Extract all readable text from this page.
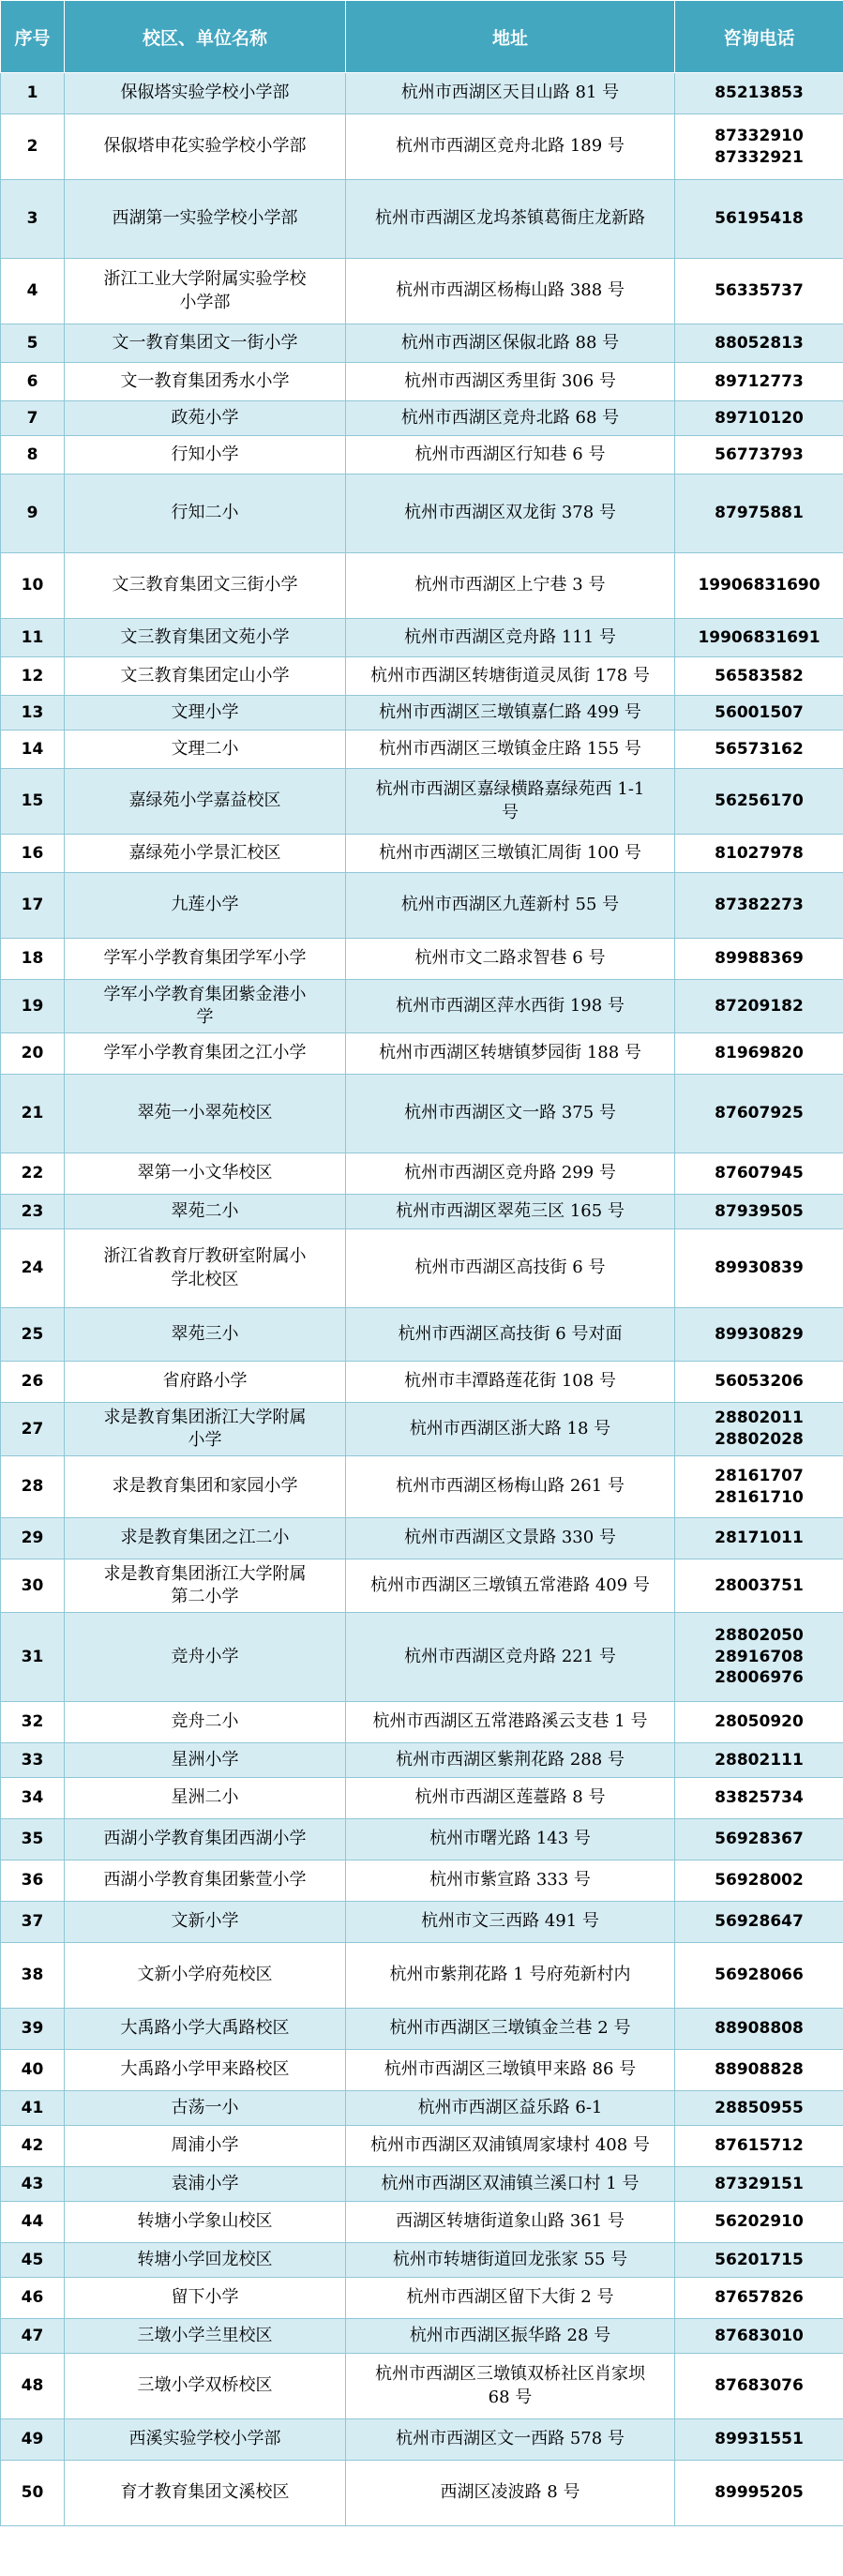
序号	校区、单位名称	地址	咨询电话
1	保俶塔实验学校小学部	杭州市西湖区天目山路 81 号	85213853
2	保俶塔申花实验学校小学部	杭州市西湖区竞舟北路 189 号	87332910
87332921
3	西湖第一实验学校小学部	杭州市西湖区龙坞茶镇葛衙庄龙新路	56195418
4	浙江工业大学附属实验学校
小学部	杭州市西湖区杨梅山路 388 号	56335737
5	文一教育集团文一街小学	杭州市西湖区保俶北路 88 号	88052813
6	文一教育集团秀水小学	杭州市西湖区秀里街 306 号	89712773
7	政苑小学	杭州市西湖区竞舟北路 68 号	89710120
8	行知小学	杭州市西湖区行知巷 6 号	56773793
9	行知二小	杭州市西湖区双龙街 378 号	87975881
10	文三教育集团文三街小学	杭州市西湖区上宁巷 3 号	19906831690
11	文三教育集团文苑小学	杭州市西湖区竞舟路 111 号	19906831691
12	文三教育集团定山小学	杭州市西湖区转塘街道灵凤街 178 号	56583582
13	文理小学	杭州市西湖区三墩镇嘉仁路 499 号	56001507
14	文理二小	杭州市西湖区三墩镇金庄路 155 号	56573162
15	嘉绿苑小学嘉益校区	杭州市西湖区嘉绿横路嘉绿苑西 1-1
号	56256170
16	嘉绿苑小学景汇校区	杭州市西湖区三墩镇汇周街 100 号	81027978
17	九莲小学	杭州市西湖区九莲新村 55 号	87382273
18	学军小学教育集团学军小学	杭州市文二路求智巷 6 号	89988369
19	学军小学教育集团紫金港小
学	杭州市西湖区萍水西街 198 号	87209182
20	学军小学教育集团之江小学	杭州市西湖区转塘镇梦园街 188 号	81969820
21	翠苑一小翠苑校区	杭州市西湖区文一路 375 号	87607925
22	翠第一小文华校区	杭州市西湖区竞舟路 299 号	87607945
23	翠苑二小	杭州市西湖区翠苑三区 165 号	87939505
24	浙江省教育厅教研室附属小
学北校区	杭州市西湖区高技街 6 号	89930839
25	翠苑三小	杭州市西湖区高技街 6 号对面	89930829
26	省府路小学	杭州市丰潭路莲花街 108 号	56053206
27	求是教育集团浙江大学附属
小学	杭州市西湖区浙大路 18 号	28802011
28802028
28	求是教育集团和家园小学	杭州市西湖区杨梅山路 261 号	28161707
28161710
29	求是教育集团之江二小	杭州市西湖区文景路 330 号	28171011
30	求是教育集团浙江大学附属
第二小学	杭州市西湖区三墩镇五常港路 409 号	28003751
31	竞舟小学	杭州市西湖区竞舟路 221 号	28802050
28916708
28006976
32	竞舟二小	杭州市西湖区五常港路溪云支巷 1 号	28050920
33	星洲小学	杭州市西湖区紫荆花路 288 号	28802111
34	星洲二小	杭州市西湖区莲薹路 8 号	83825734
35	西湖小学教育集团西湖小学	杭州市曙光路 143 号	56928367
36	西湖小学教育集团紫萱小学	杭州市紫宣路 333 号	56928002
37	文新小学	杭州市文三西路 491 号	56928647
38	文新小学府苑校区	杭州市紫荆花路 1 号府苑新村内	56928066
39	大禹路小学大禹路校区	杭州市西湖区三墩镇金兰巷 2 号	88908808
40	大禹路小学甲来路校区	杭州市西湖区三墩镇甲来路 86 号	88908828
41	古荡一小	杭州市西湖区益乐路 6-1	28850955
42	周浦小学	杭州市西湖区双浦镇周家埭村 408 号	87615712
43	袁浦小学	杭州市西湖区双浦镇兰溪口村 1 号	87329151
44	转塘小学象山校区	西湖区转塘街道象山路 361 号	56202910
45	转塘小学回龙校区	杭州市转塘街道回龙张家 55 号	56201715
46	留下小学	杭州市西湖区留下大街 2 号	87657826
47	三墩小学兰里校区	杭州市西湖区振华路 28 号	87683010
48	三墩小学双桥校区	杭州市西湖区三墩镇双桥社区肖家坝
68 号	87683076
49	西溪实验学校小学部	杭州市西湖区文一西路 578 号	89931551
50	育才教育集团文溪校区	西湖区凌波路 8 号	89995205
